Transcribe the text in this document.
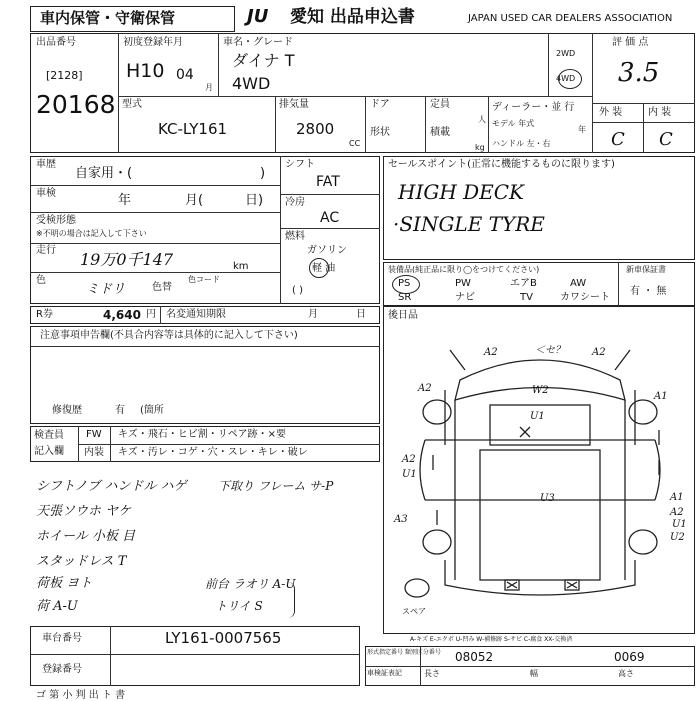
車内保管・守衛保管	JU 愛知 出品申込書	JAPAN USED CAR DEALERS ASSOCIATION
出品番号
[2128]
20168
初度登録年月
H10 04
月
車名・グレード
ダイナ T
4WD
型式
KC-LY161
排気量
2800
CC
2WD
4WD
ドア
形状
定員
人
積載
kg
ディーラー・並 行
モデル 年式
年
ハンドル 左・右
評 価 点
3.5
外 装	内 装
C C
車歴
自家用・(	)
車検	年	月(	日)
受検形態
※不明の場合は記入して下さい
走行 19万0千147	km
色
ミドリ	色替
色コード
シフト
FAT
冷房
AC
燃料
ガソリン
軽 油
( )
セールスポイント(正常に機能するものに限ります)
HIGH DECK
·SINGLE TYRE
装備品(純正品に限り◯をつけてください)
PS	PW	エアB	AW
SR	ナビ	TV	カワシート
新車保証書
有 ・ 無
R券	4,640 円 名変通知期限	月	日 後日品
注意事項申告欄(不具合内容等は具体的に記入して下さい)
修復歴	有 (箇所
検査員
記入欄
FW キズ・飛石・ヒビ割・リペア跡・×要
内装 キズ・汚レ・コゲ・穴・スレ・キレ・破レ
シフトノブ ハンドル ハゲ
天張ソウホ ヤケ
ホイール 小板 目
スタッドレス T
荷板 ヨト
荷 A-U
下取り フレーム サ-P
前台 ラオリ A-U
トリイ S
＜セ？
A2	A2
A2	W2
A1
U1
A2
U1
A3
U3	A1
A2
U1
U2
スペア
A-キズ E-エクボ U-凹み W-補修跡 S-サビ C-腐食 XX-交換済
車台番号	LY161-0007565
登録番号
形式指定番号 類別区分番号 08052	0069
車検証表記	長さ	幅	高さ
ゴ 第 小 判 出 ト 書
